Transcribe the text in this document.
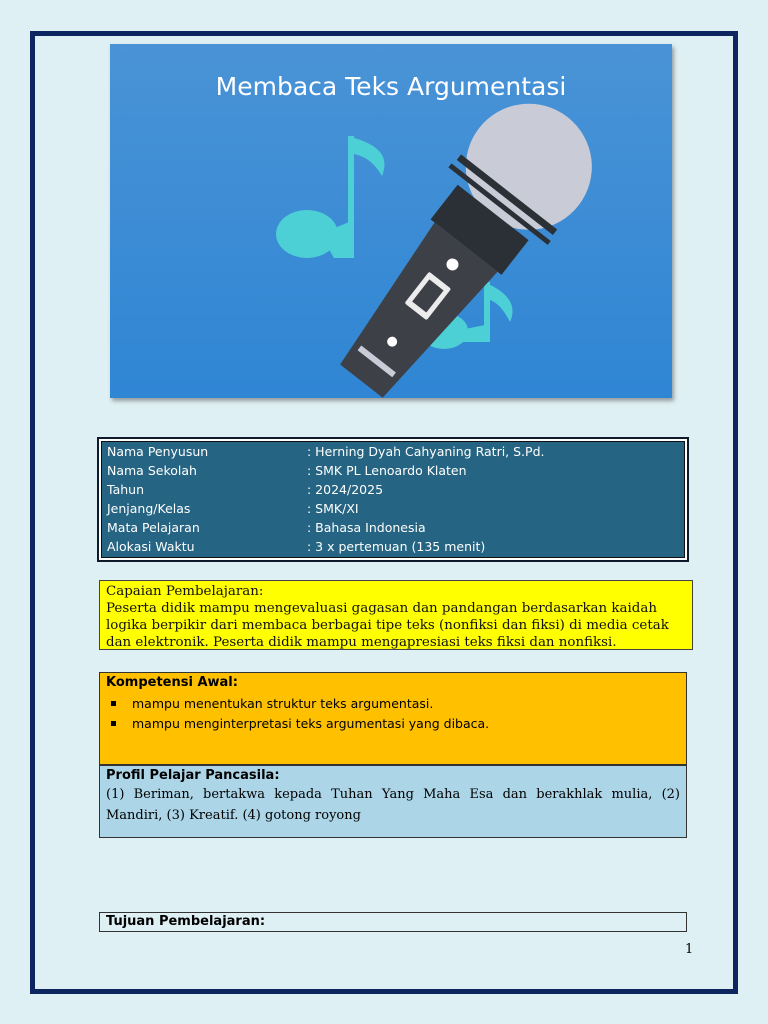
Membaca Teks Argumentasi
Nama Penyusun	: Herning Dyah Cahyaning Ratri, S.Pd.
Nama Sekolah	: SMK PL Lenoardo Klaten
Tahun	: 2024/2025
Jenjang/Kelas	: SMK/XI
Mata Pelajaran	: Bahasa Indonesia
Alokasi Waktu	: 3 x pertemuan (135 menit)
Capaian Pembelajaran:
Peserta didik mampu mengevaluasi gagasan dan pandangan berdasarkan kaidah logika berpikir dari membaca berbagai tipe teks (nonfiksi dan fiksi) di media cetak dan elektronik. Peserta didik mampu mengapresiasi teks fiksi dan nonfiksi.
Kompetensi Awal:
mampu menentukan struktur teks argumentasi.
mampu menginterpretasi teks argumentasi yang dibaca.
Profil Pelajar Pancasila:
(1) Beriman, bertakwa kepada Tuhan Yang Maha Esa dan berakhlak mulia, (2) Mandiri, (3) Kreatif. (4) gotong royong
Tujuan Pembelajaran:
1
